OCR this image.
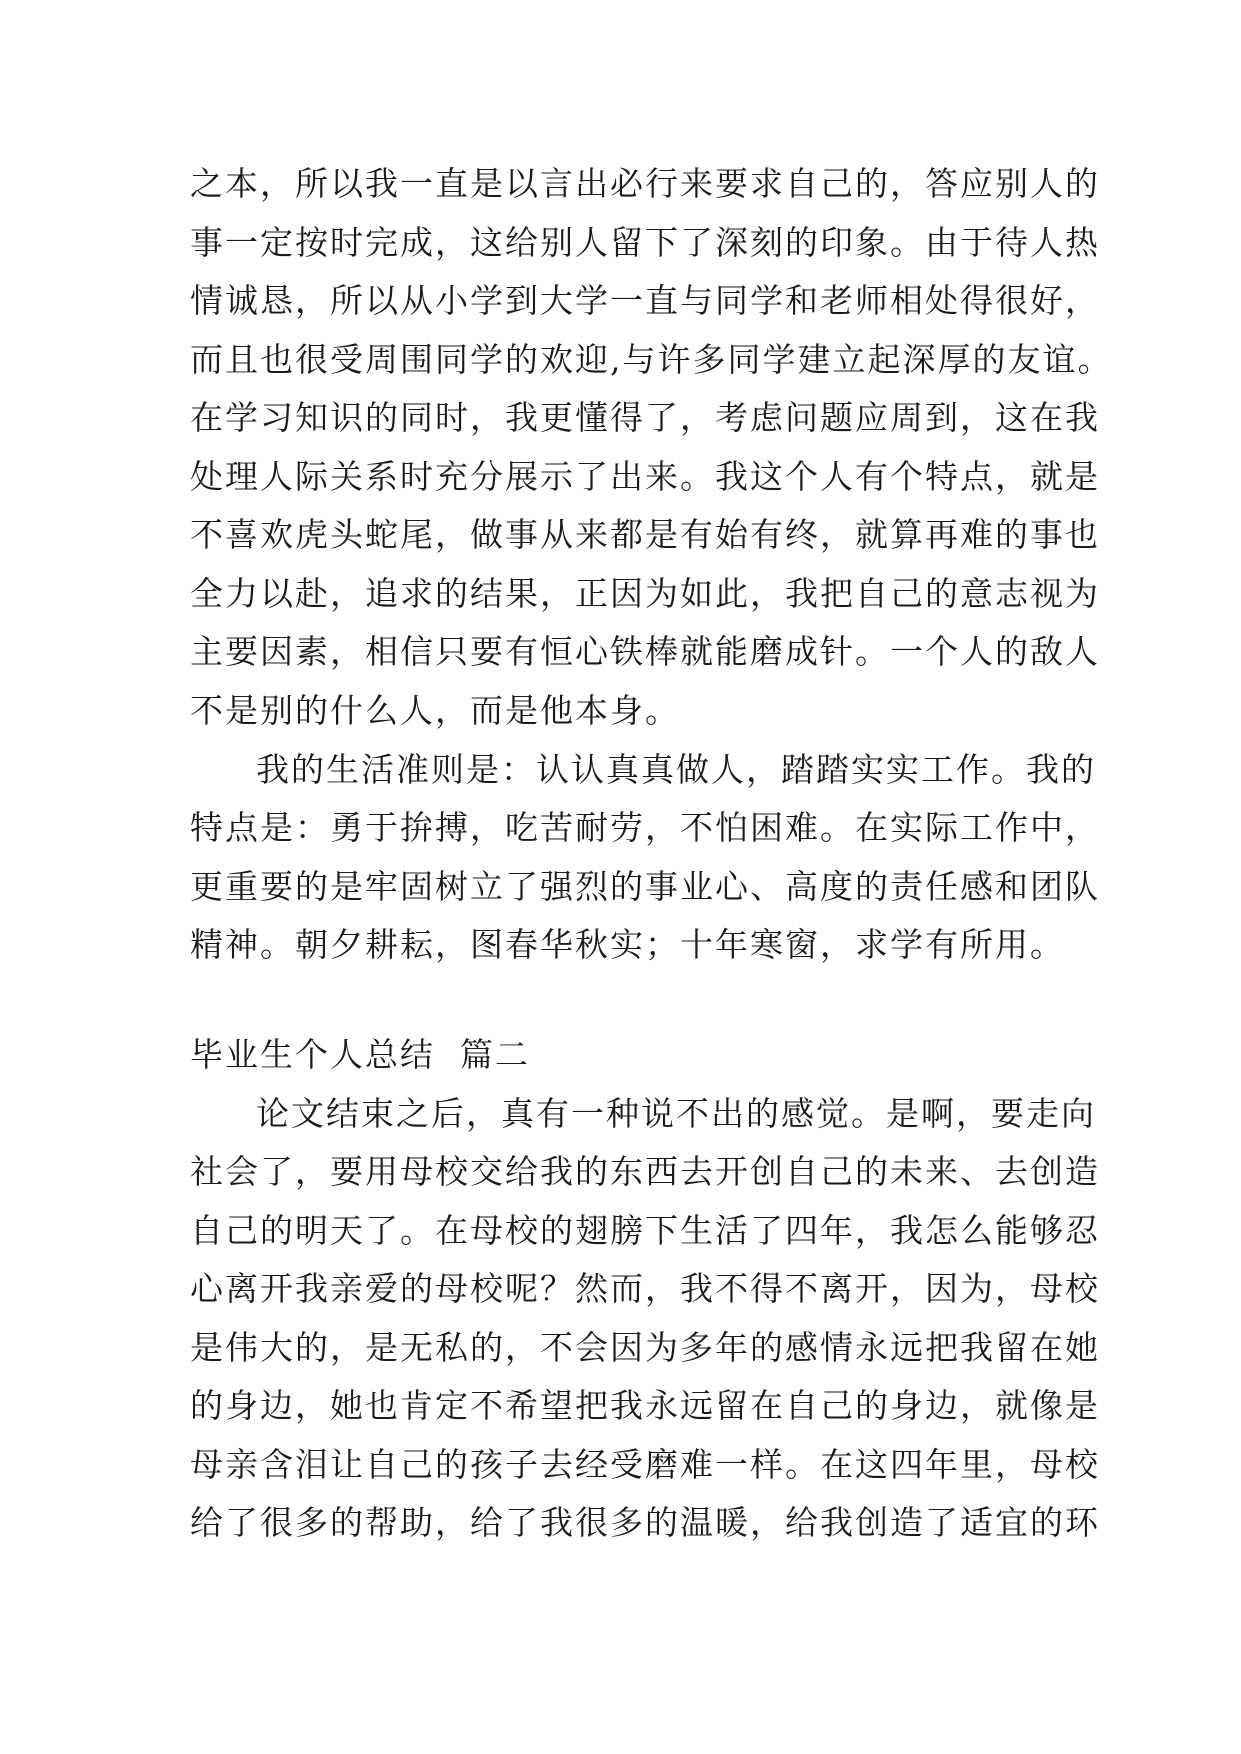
之本，所以我一直是以言出必行来要求自己的，答应别人的
事一定按时完成，这给别人留下了深刻的印象。由于待人热
情诚恳，所以从小学到大学一直与同学和老师相处得很好，
而且也很受周围同学的欢迎,与许多同学建立起深厚的友谊。
在学习知识的同时，我更懂得了，考虑问题应周到，这在我
处理人际关系时充分展示了出来。我这个人有个特点，就是
不喜欢虎头蛇尾，做事从来都是有始有终，就算再难的事也
全力以赴，追求的结果，正因为如此，我把自己的意志视为
主要因素，相信只要有恒心铁棒就能磨成针。一个人的敌人
不是别的什么人，而是他本身。
我的生活准则是：认认真真做人，踏踏实实工作。我的
特点是：勇于拚搏，吃苦耐劳，不怕困难。在实际工作中，
更重要的是牢固树立了强烈的事业心、高度的责任感和团队
精神。朝夕耕耘，图春华秋实；十年寒窗，求学有所用。
毕业生个人总结  篇二
论文结束之后，真有一种说不出的感觉。是啊，要走向
社会了，要用母校交给我的东西去开创自己的未来、去创造
自己的明天了。在母校的翅膀下生活了四年，我怎么能够忍
心离开我亲爱的母校呢？然而，我不得不离开，因为，母校
是伟大的，是无私的，不会因为多年的感情永远把我留在她
的身边，她也肯定不希望把我永远留在自己的身边，就像是
母亲含泪让自己的孩子去经受磨难一样。在这四年里，母校
给了很多的帮助，给了我很多的温暖，给我创造了适宜的环
